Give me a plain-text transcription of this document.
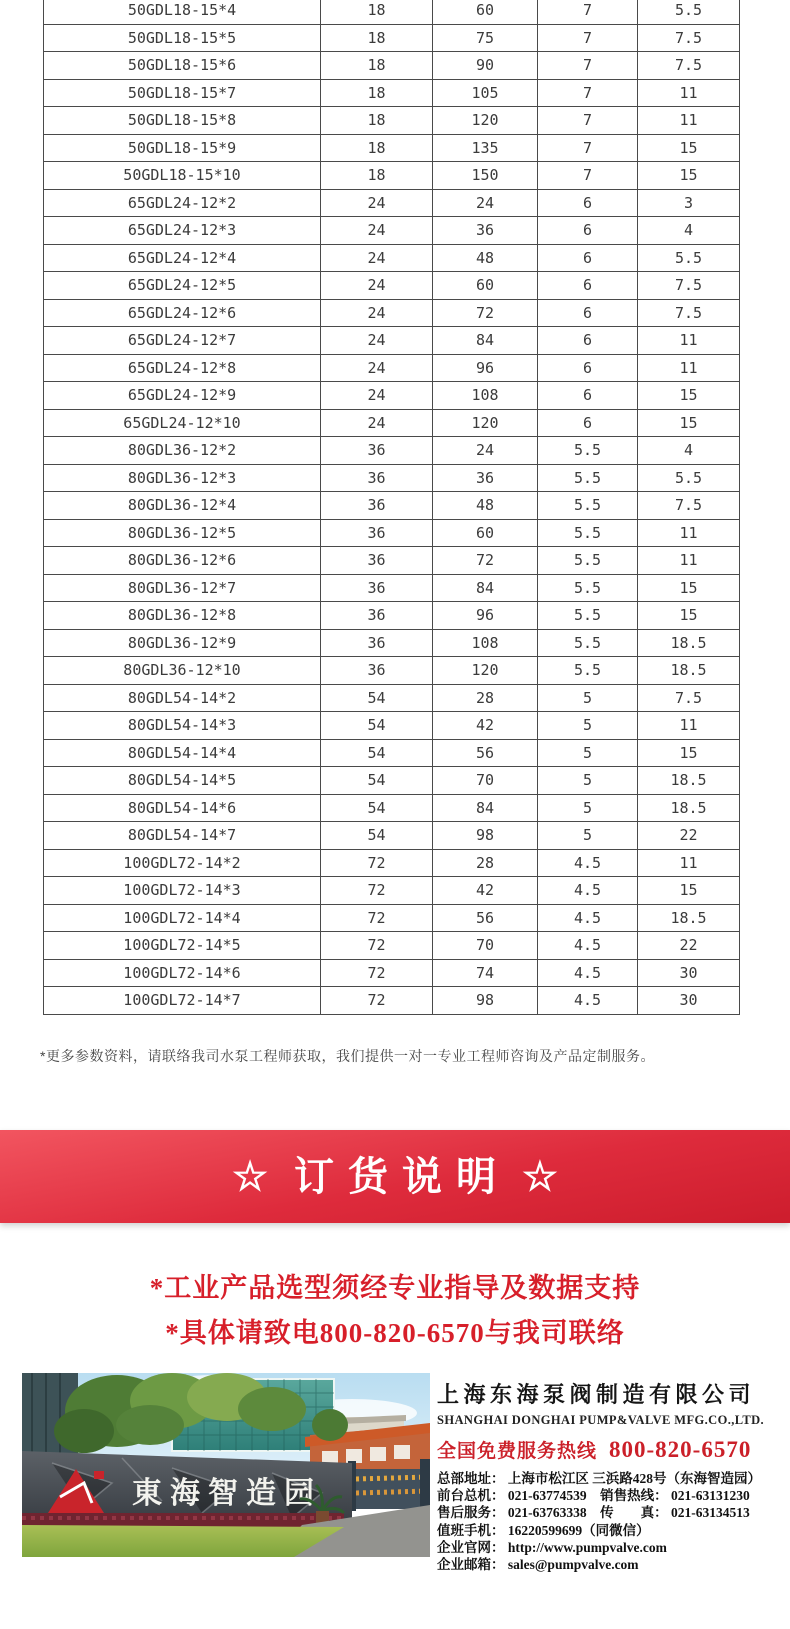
50GDL18-15*4	18	60	7	5.5
50GDL18-15*5	18	75	7	7.5
50GDL18-15*6	18	90	7	7.5
50GDL18-15*7	18	105	7	11
50GDL18-15*8	18	120	7	11
50GDL18-15*9	18	135	7	15
50GDL18-15*10	18	150	7	15
65GDL24-12*2	24	24	6	3
65GDL24-12*3	24	36	6	4
65GDL24-12*4	24	48	6	5.5
65GDL24-12*5	24	60	6	7.5
65GDL24-12*6	24	72	6	7.5
65GDL24-12*7	24	84	6	11
65GDL24-12*8	24	96	6	11
65GDL24-12*9	24	108	6	15
65GDL24-12*10	24	120	6	15
80GDL36-12*2	36	24	5.5	4
80GDL36-12*3	36	36	5.5	5.5
80GDL36-12*4	36	48	5.5	7.5
80GDL36-12*5	36	60	5.5	11
80GDL36-12*6	36	72	5.5	11
80GDL36-12*7	36	84	5.5	15
80GDL36-12*8	36	96	5.5	15
80GDL36-12*9	36	108	5.5	18.5
80GDL36-12*10	36	120	5.5	18.5
80GDL54-14*2	54	28	5	7.5
80GDL54-14*3	54	42	5	11
80GDL54-14*4	54	56	5	15
80GDL54-14*5	54	70	5	18.5
80GDL54-14*6	54	84	5	18.5
80GDL54-14*7	54	98	5	22
100GDL72-14*2	72	28	4.5	11
100GDL72-14*3	72	42	4.5	15
100GDL72-14*4	72	56	4.5	18.5
100GDL72-14*5	72	70	4.5	22
100GDL72-14*6	72	74	4.5	30
100GDL72-14*7	72	98	4.5	30

*更多参数资料，请联络我司水泵工程师获取，我们提供一对一专业工程师咨询及产品定制服务。

☆ 订货说明 ☆
*工业产品选型须经专业指导及数据支持
*具体请致电800-820-6570与我司联络
東海智造园
上海东海泵阀制造有限公司
SHANGHAI DONGHAI PUMP&VALVE MFG.CO.,LTD.
全国免费服务热线 800-820-6570
总部地址： 上海市松江区 三浜路428号（东海智造园）
前台总机： 021-63774539　销售热线： 021-63131230
售后服务： 021-63763338　传　　真： 021-63134513
值班手机： 16220599699（同微信）
企业官网： http://www.pumpvalve.com
企业邮箱： sales@pumpvalve.com
